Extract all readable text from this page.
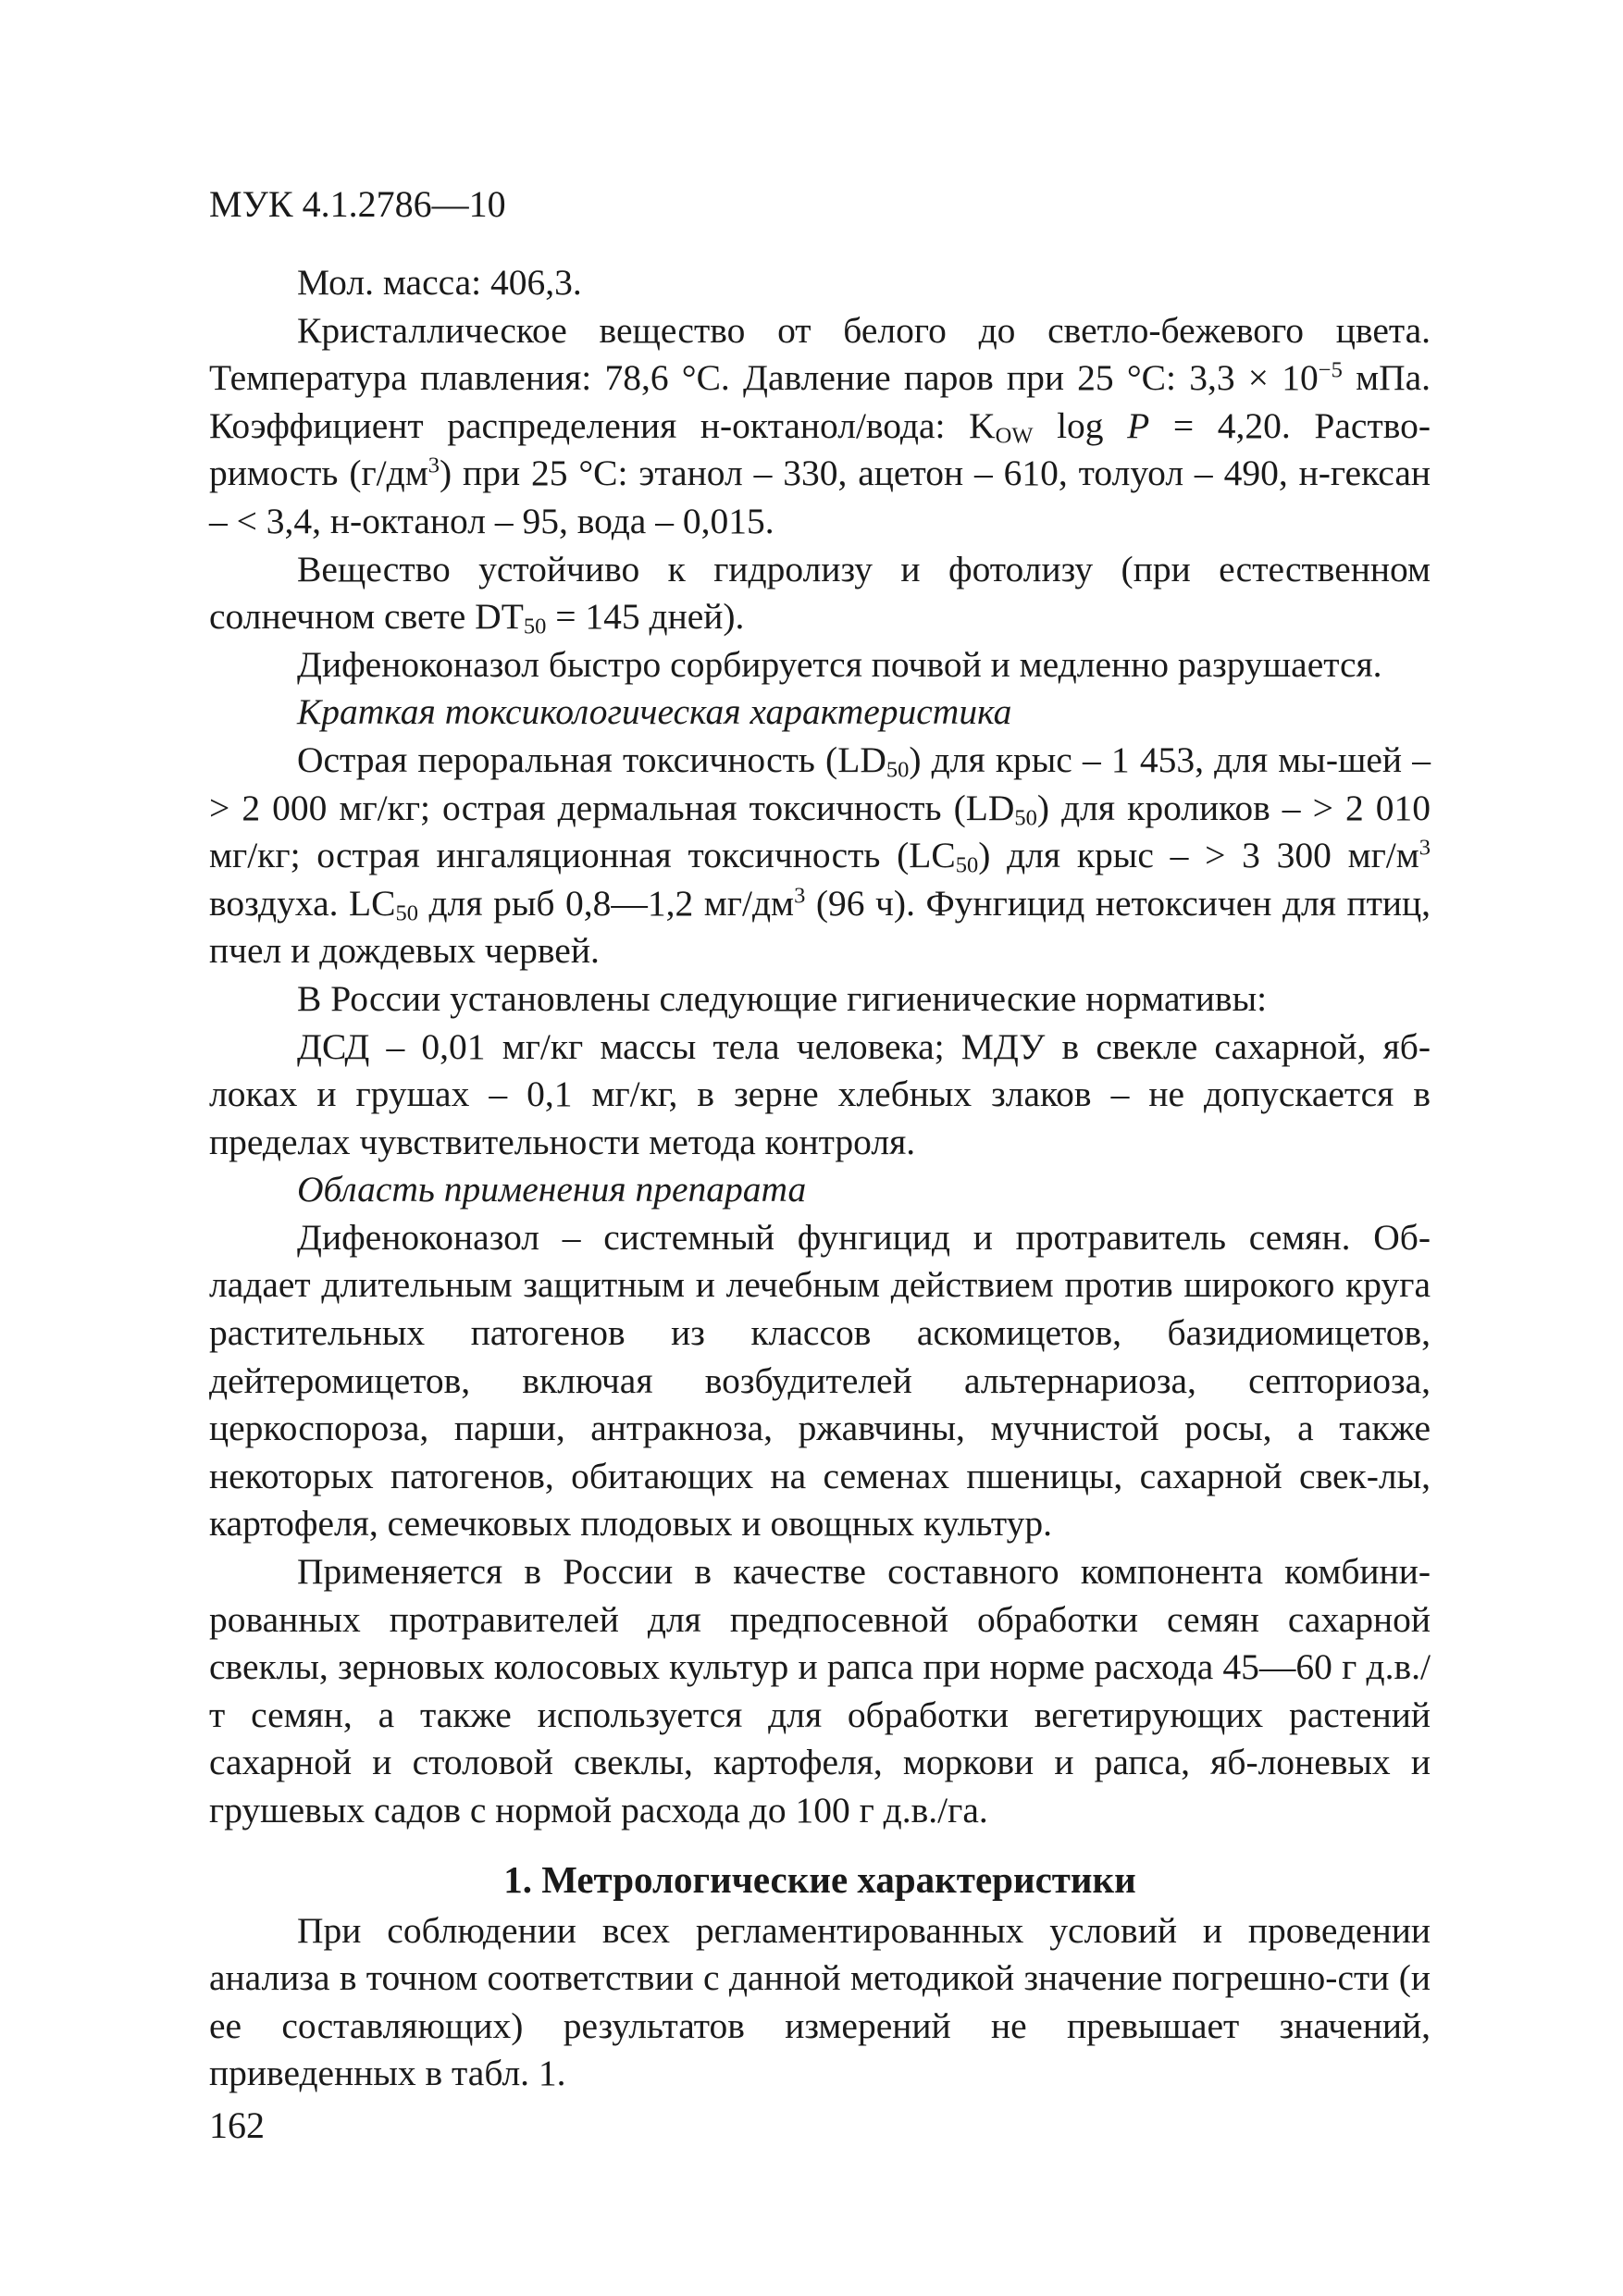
МУК 4.1.2786—10

Мол. масса: 406,3.

Кристаллическое вещество от белого до светло-бежевого цвета. Температура плавления: 78,6 °С. Давление паров при 25 °С: $3,3 \times 10^{-5}$ мПа. Коэффициент распределения н-октанол/вода: $K_{OW}$ log P = 4,20. Раство-римость $(г/дм^3)$ при 25 °С: этанол – 330, ацетон – 610, толуол – 490, н-гексан – < 3,4, н-октанол – 95, вода – 0,015.

Вещество устойчиво к гидролизу и фотолизу (при естественном солнечном свете $DT_{50} = 145$ дней).

Дифеноконазол быстро сорбируется почвой и медленно разрушается.

Краткая токсикологическая характеристика

Острая пероральная токсичность $(LD_{50})$ для крыс – 1 453, для мы-шей – > 2 000 мг/кг; острая дермальная токсичность $(LD_{50})$ для кроликов – > 2 010 мг/кг; острая ингаляционная токсичность $(LC_{50})$ для крыс – > 3 300 $мг/м^3$ воздуха. $LC_{50}$ для рыб 0,8—1,2 $мг/дм^3$ (96 ч). Фунгицид нетоксичен для птиц, пчел и дождевых червей.

В России установлены следующие гигиенические нормативы:

ДСД – 0,01 мг/кг массы тела человека; МДУ в свекле сахарной, яб-локах и грушах – 0,1 мг/кг, в зерне хлебных злаков – не допускается в пределах чувствительности метода контроля.

Область применения препарата

Дифеноконазол – системный фунгицид и протравитель семян. Об-ладает длительным защитным и лечебным действием против широкого круга растительных патогенов из классов аскомицетов, базидиомицетов, дейтеромицетов, включая возбудителей альтернариоза, септориоза, церкоспороза, парши, антракноза, ржавчины, мучнистой росы, а также некоторых патогенов, обитающих на семенах пшеницы, сахарной свек-лы, картофеля, семечковых плодовых и овощных культур.

Применяется в России в качестве составного компонента комбини-рованных протравителей для предпосевной обработки семян сахарной свеклы, зерновых колосовых культур и рапса при норме расхода 45—60 г д.в./т семян, а также используется для обработки вегетирующих растений сахарной и столовой свеклы, картофеля, моркови и рапса, яб-лоневых и грушевых садов с нормой расхода до 100 г д.в./га.

1. Метрологические характеристики

При соблюдении всех регламентированных условий и проведении анализа в точном соответствии с данной методикой значение погрешно-сти (и ее составляющих) результатов измерений не превышает значений, приведенных в табл. 1.

162
